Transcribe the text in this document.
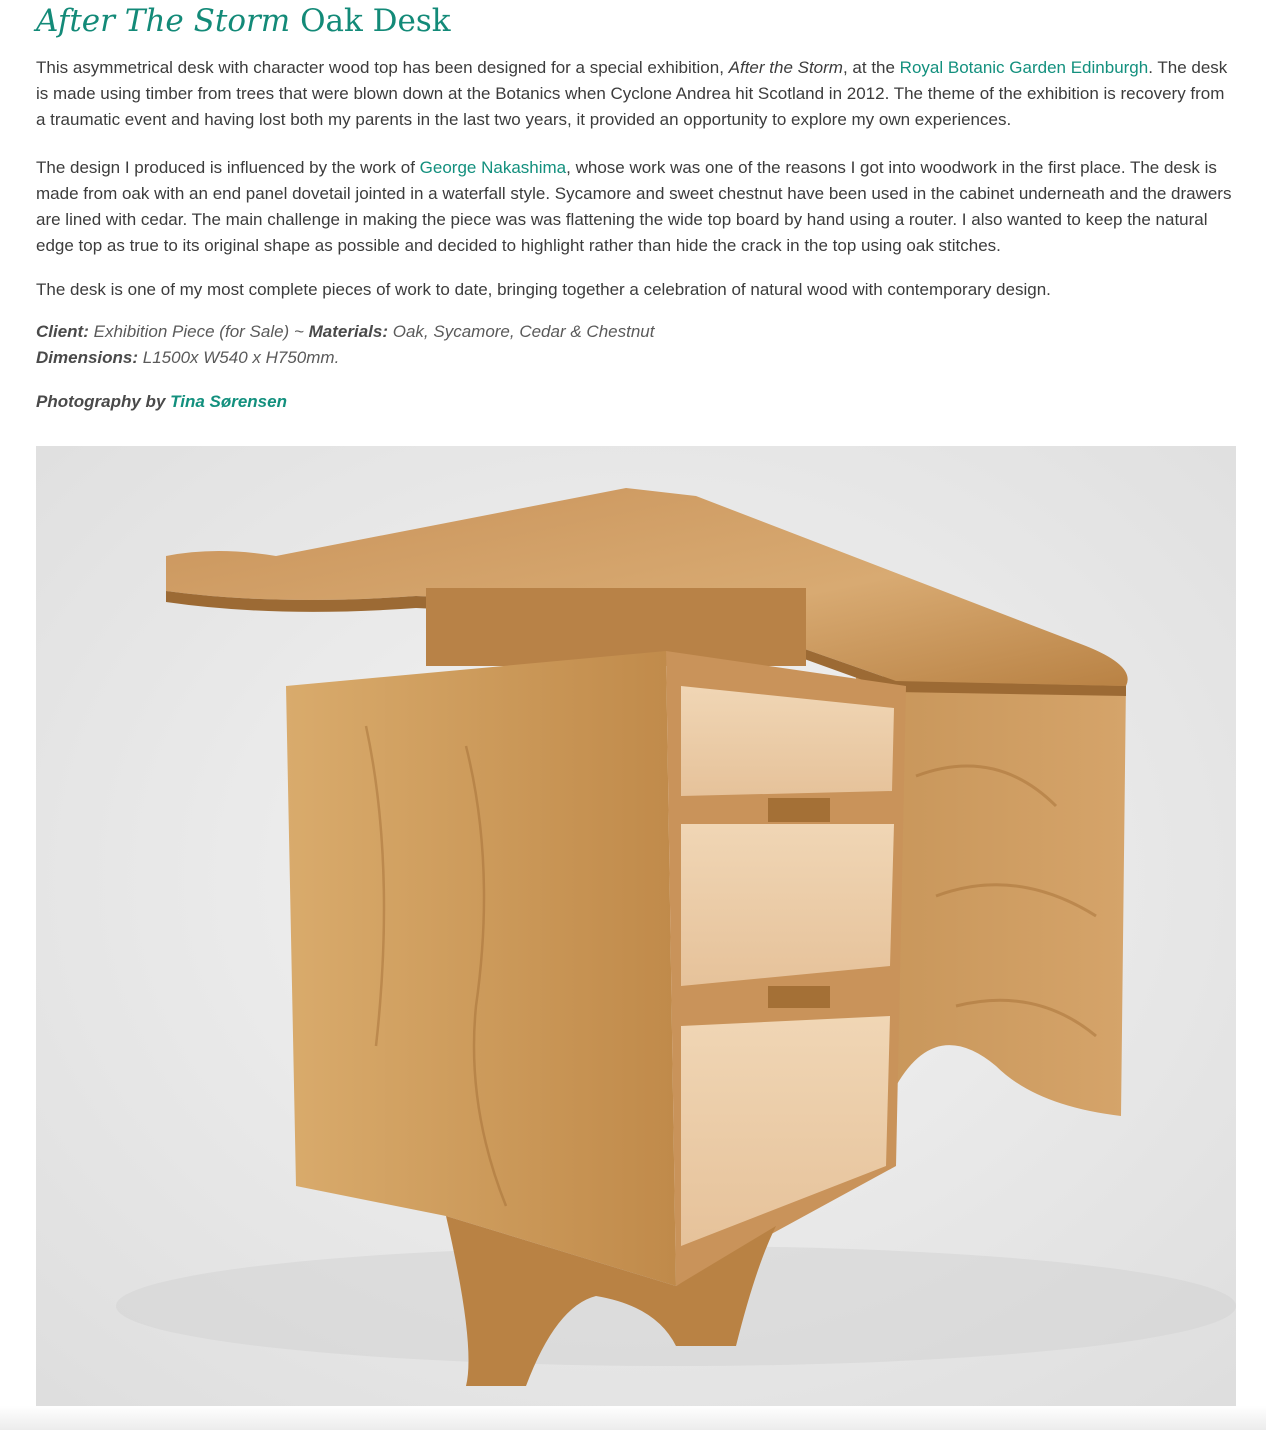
After The Storm Oak Desk

This asymmetrical desk with character wood top has been designed for a special exhibition, After the Storm, at the Royal Botanic Garden Edinburgh. The desk is made using timber from trees that were blown down at the Botanics when Cyclone Andrea hit Scotland in 2012. The theme of the exhibition is recovery from a traumatic event and having lost both my parents in the last two years, it provided an opportunity to explore my own experiences.

The design I produced is influenced by the work of George Nakashima, whose work was one of the reasons I got into woodwork in the first place. The desk is made from oak with an end panel dovetail jointed in a waterfall style. Sycamore and sweet chestnut have been used in the cabinet underneath and the drawers are lined with cedar. The main challenge in making the piece was was flattening the wide top board by hand using a router. I also wanted to keep the natural edge top as true to its original shape as possible and decided to highlight rather than hide the crack in the top using oak stitches.

The desk is one of my most complete pieces of work to date, bringing together a celebration of natural wood with contemporary design.

Client: Exhibition Piece (for Sale) ~ Materials: Oak, Sycamore, Cedar & Chestnut
Dimensions: L1500x W540 x H750mm.
Photography by Tina Sørensen
